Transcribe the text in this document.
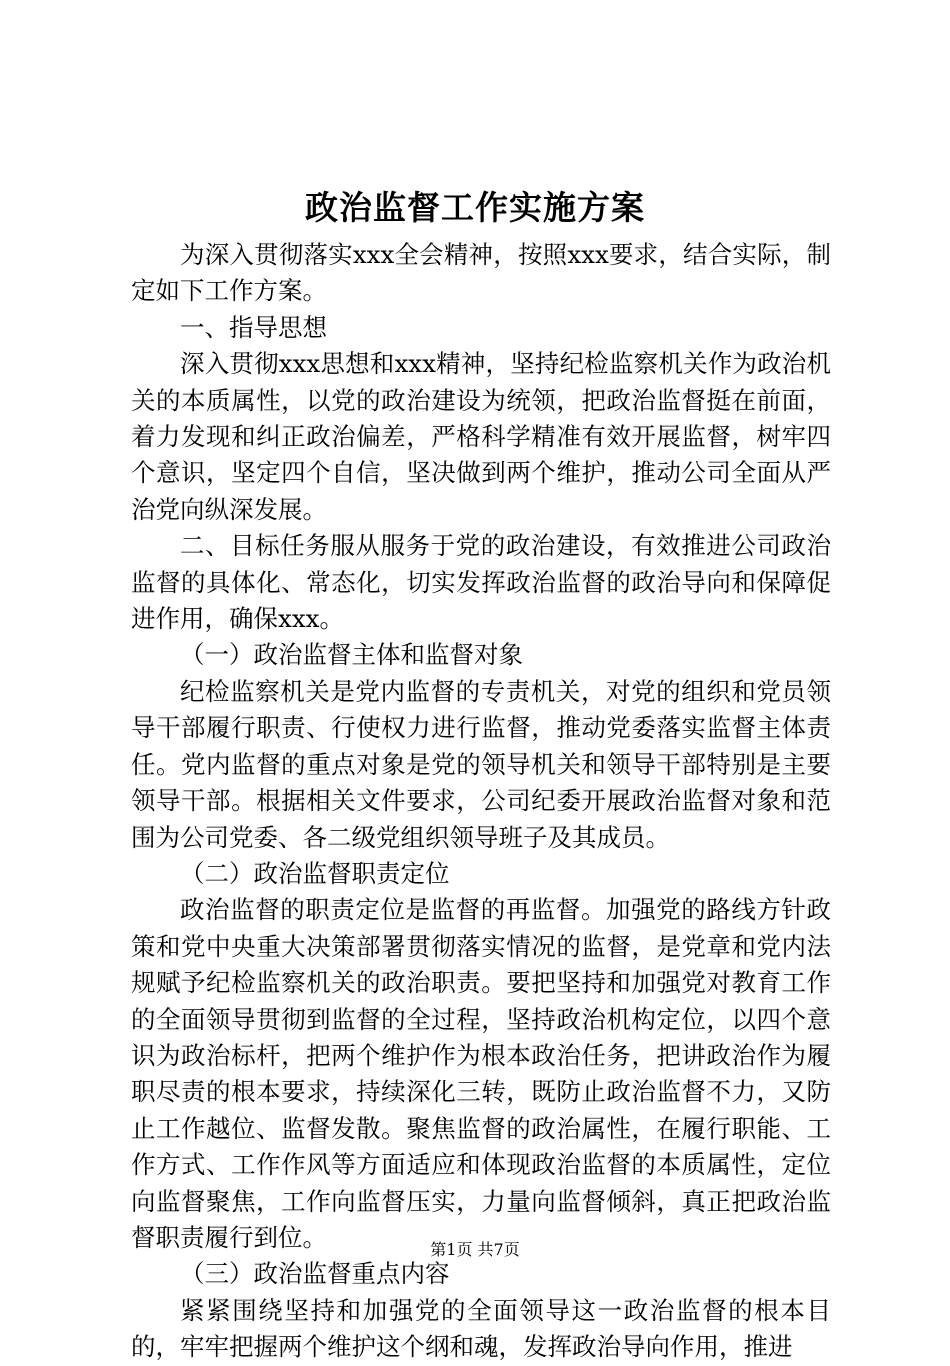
政治监督工作实施方案

为深入贯彻落实xxx全会精神，按照xxx要求，结合实际，制定如下工作方案。

一、指导思想

深入贯彻xxx思想和xxx精神，坚持纪检监察机关作为政治机关的本质属性，以党的政治建设为统领，把政治监督挺在前面，着力发现和纠正政治偏差，严格科学精准有效开展监督，树牢四个意识，坚定四个自信，坚决做到两个维护，推动公司全面从严治党向纵深发展。

二、目标任务服从服务于党的政治建设，有效推进公司政治监督的具体化、常态化，切实发挥政治监督的政治导向和保障促进作用，确保xxx。

（一）政治监督主体和监督对象

纪检监察机关是党内监督的专责机关，对党的组织和党员领导干部履行职责、行使权力进行监督，推动党委落实监督主体责任。党内监督的重点对象是党的领导机关和领导干部特别是主要领导干部。根据相关文件要求，公司纪委开展政治监督对象和范围为公司党委、各二级党组织领导班子及其成员。

（二）政治监督职责定位

政治监督的职责定位是监督的再监督。加强党的路线方针政策和党中央重大决策部署贯彻落实情况的监督，是党章和党内法规赋予纪检监察机关的政治职责。要把坚持和加强党对教育工作的全面领导贯彻到监督的全过程，坚持政治机构定位，以四个意识为政治标杆，把两个维护作为根本政治任务，把讲政治作为履职尽责的根本要求，持续深化三转，既防止政治监督不力，又防止工作越位、监督发散。聚焦监督的政治属性，在履行职能、工作方式、工作作风等方面适应和体现政治监督的本质属性，定位向监督聚焦，工作向监督压实，力量向监督倾斜，真正把政治监督职责履行到位。

（三）政治监督重点内容

紧紧围绕坚持和加强党的全面领导这一政治监督的根本目的，牢牢把握两个维护这个纲和魂，发挥政治导向作用，推进

第1页 共7页
